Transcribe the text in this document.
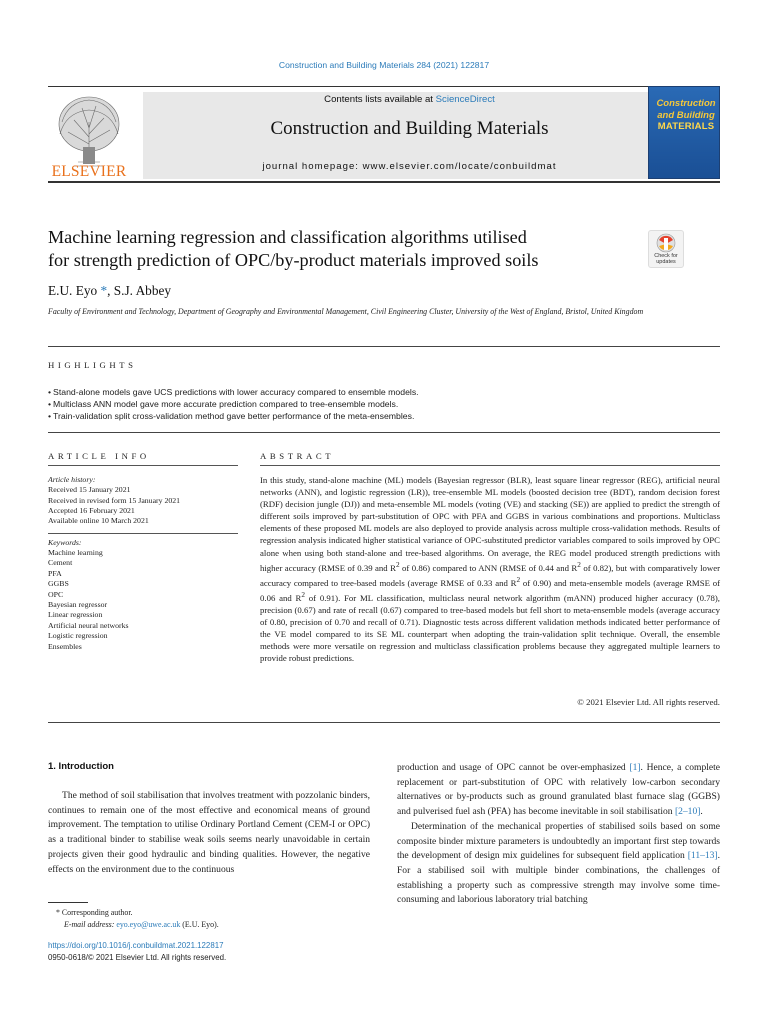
Construction and Building Materials 284 (2021) 122817
ELSEVIER
Contents lists available at ScienceDirect
Construction and Building Materials
journal homepage: www.elsevier.com/locate/conbuildmat
Construction
and Building
MATERIALS
Machine learning regression and classification algorithms utilised
for strength prediction of OPC/by-product materials improved soils	Check for updates
E.U. Eyo *, S.J. Abbey
Faculty of Environment and Technology, Department of Geography and Environmental Management, Civil Engineering Cluster, University of the West of England, Bristol, United Kingdom
HIGHLIGHTS
• Stand-alone models gave UCS predictions with lower accuracy compared to ensemble models.
• Multiclass ANN model gave more accurate prediction compared to tree-ensemble models.
• Train-validation split cross-validation method gave better performance of the meta-ensembles.
ARTICLE INFO	ABSTRACT
Article history:
Received 15 January 2021
Received in revised form 15 January 2021
Accepted 16 February 2021
Available online 10 March 2021
Keywords:
Machine learning
Cement
PFA
GGBS
OPC
Bayesian regressor
Linear regression
Artificial neural networks
Logistic regression
Ensembles
In this study, stand-alone machine (ML) models (Bayesian regressor (BLR), least square linear regressor (REG), artificial neural networks (ANN), and logistic regression (LR)), tree-ensemble ML models (boosted decision tree (BDT), random decision forest (RDF) decision jungle (DJ)) and meta-ensemble ML models (voting (VE) and stacking (SE)) are applied to predict the strength of different soils improved by part-substitution of OPC with PFA and GGBS in various combinations and proportions. Multiclass elements of these proposed ML models are also deployed to provide analysis across multiple cross-validation methods. Results of regression analysis indicated higher statistical variance of OPC-substituted predictor variables compared to soils improved by OPC alone when using both stand-alone and tree-based algorithms. On average, the REG model produced strength predictions with higher accuracy (RMSE of 0.39 and $R^2$ of 0.86) compared to ANN (RMSE of 0.44 and $R^2$ of 0.82), but with comparatively lower accuracy compared to tree-based models (average RMSE of 0.33 and $R^2$ of 0.90) and meta-ensemble models (average RMSE of 0.06 and $R^2$ of 0.91). For ML classification, multiclass neural network algorithm (mANN) produced higher accuracy (0.78), precision (0.67) and rate of recall (0.67) compared to tree-based models but fell short to meta-ensemble models (average accuracy of 0.80, precision of 0.70 and recall of 0.71). Diagnostic tests across different validation methods indicated better performance of the VE model compared to its SE ML counterpart when adopting the train-validation split technique. Overall, the ensemble methods were more versatile on regression and multiclass classification problems because they aggregated multiple learners to provide robust predictions.
© 2021 Elsevier Ltd. All rights reserved.
1. Introduction

The method of soil stabilisation that involves treatment with pozzolanic binders, continues to remain one of the most effective and economical means of ground improvement. The temptation to utilise Ordinary Portland Cement (CEM-I or OPC) as a traditional binder to stabilise weak soils seems nearly unavoidable in certain projects given their good hydraulic and binding qualities. However, the negative effects on the environment due to the continuous

production and usage of OPC cannot be over-emphasized [1]. Hence, a complete replacement or part-substitution of OPC with relatively low-carbon secondary alternatives or by-products such as ground granulated blast furnace slag (GGBS) and pulverised fuel ash (PFA) has become inevitable in soil stabilisation [2–10].

Determination of the mechanical properties of stabilised soils based on some composite binder mixture parameters is undoubtedly an important first step towards the development of design mix guidelines for subsequent field application [11–13]. For a stabilised soil with multiple binder combinations, the challenges of establishing a property such as compressive strength may involve some time-consuming and laborious laboratory trial batching

* Corresponding author.
E-mail address: eyo.eyo@uwe.ac.uk (E.U. Eyo).
https://doi.org/10.1016/j.conbuildmat.2021.122817
0950-0618/© 2021 Elsevier Ltd. All rights reserved.
